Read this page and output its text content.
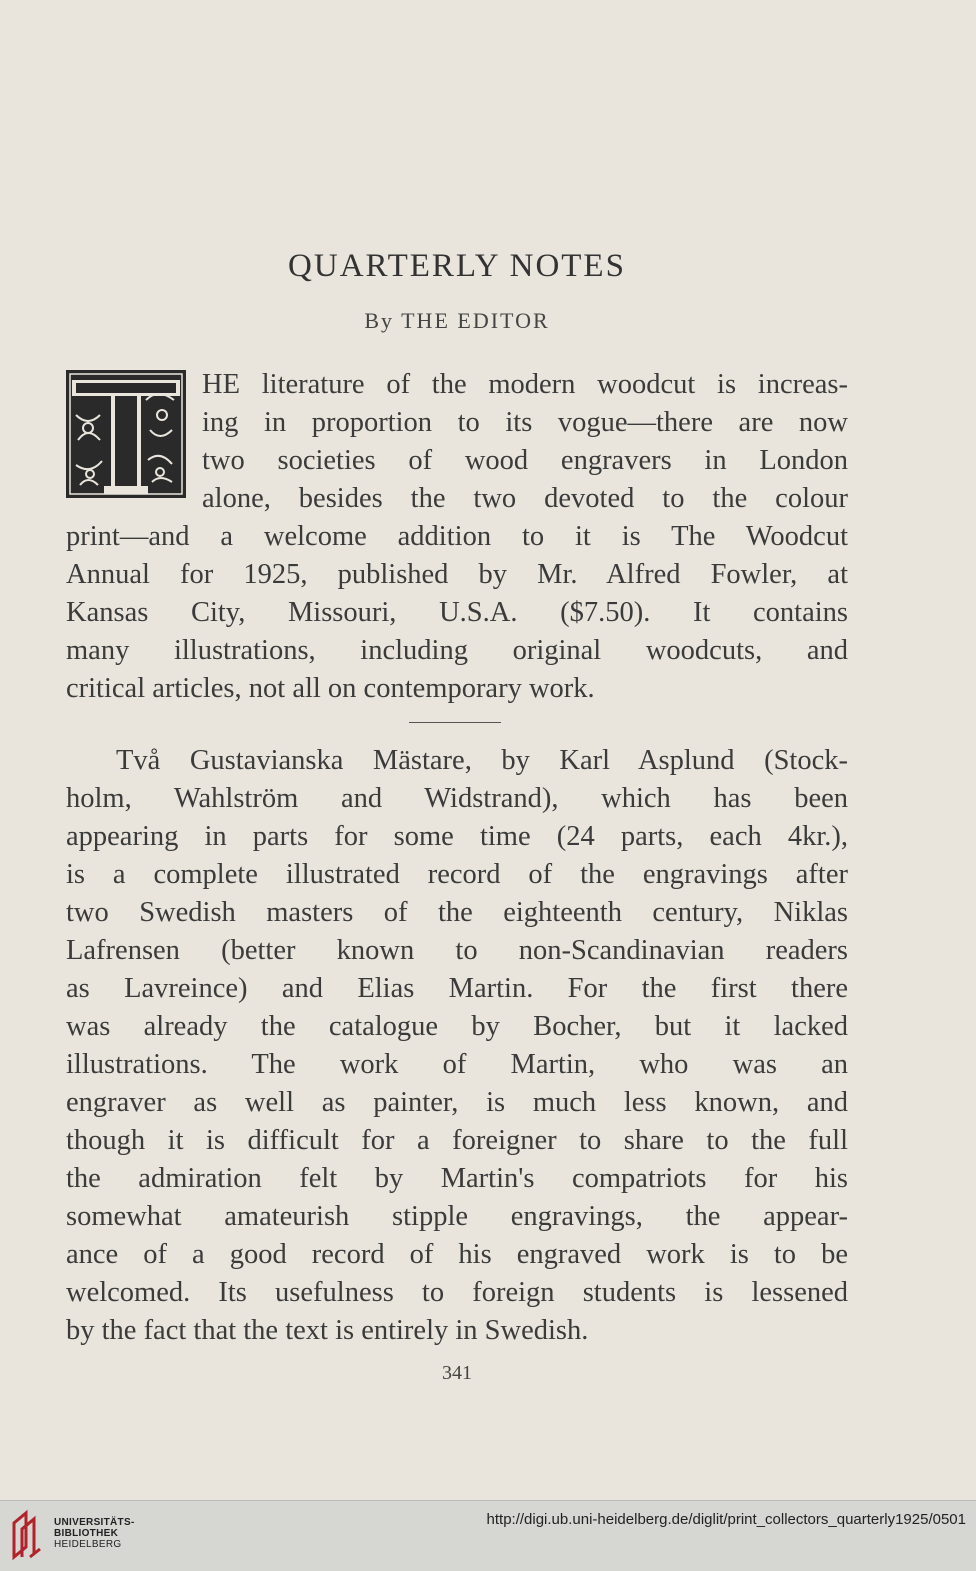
QUARTERLY NOTES
By THE EDITOR
HE literature of the modern woodcut is increas-
ing in proportion to its vogue—there are now
two societies of wood engravers in London
alone, besides the two devoted to the colour
print—and a welcome addition to it is The Woodcut
Annual for 1925, published by Mr. Alfred Fowler, at
Kansas City, Missouri, U.S.A. ($7.50). It contains
many illustrations, including original woodcuts, and
critical articles, not all on contemporary work.
Två Gustavianska Mästare, by Karl Asplund (Stock-
holm, Wahlström and Widstrand), which has been
appearing in parts for some time (24 parts, each 4kr.),
is a complete illustrated record of the engravings after
two Swedish masters of the eighteenth century, Niklas
Lafrensen (better known to non-Scandinavian readers
as Lavreince) and Elias Martin. For the first there
was already the catalogue by Bocher, but it lacked
illustrations. The work of Martin, who was an
engraver as well as painter, is much less known, and
though it is difficult for a foreigner to share to the full
the admiration felt by Martin's compatriots for his
somewhat amateurish stipple engravings, the appear-
ance of a good record of his engraved work is to be
welcomed. Its usefulness to foreign students is lessened
by the fact that the text is entirely in Swedish.
341
UNIVERSITÄTS-
BIBLIOTHEK
HEIDELBERG
http://digi.ub.uni-heidelberg.de/diglit/print_collectors_quarterly1925/0501
